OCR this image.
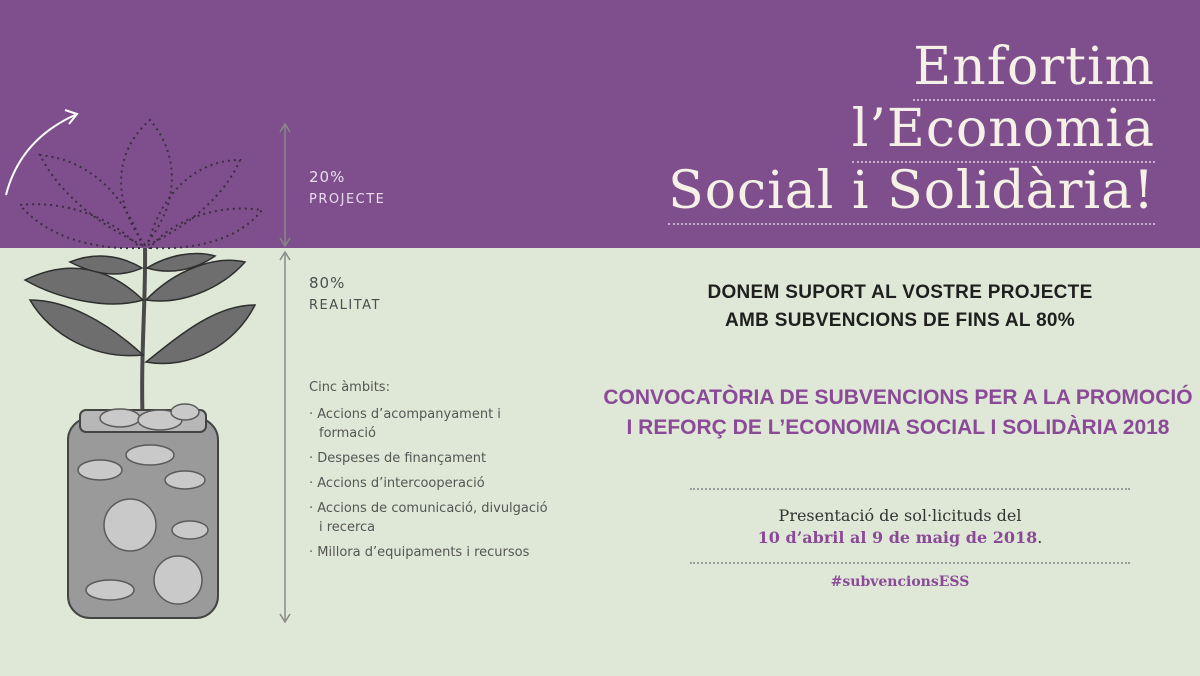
Enfortim
l’Economia
Social i Solidària!
20%
PROJECTE
80%
REALITAT
Cinc àmbits:
· Accions d’acompanyament i formació
· Despeses de finançament
· Accions d’intercooperació
· Accions de comunicació, divulgació i recerca
· Millora d’equipaments i recursos
DONEM SUPORT AL VOSTRE PROJECTE
AMB SUBVENCIONS DE FINS AL 80%
CONVOCATÒRIA DE SUBVENCIONS PER A LA PROMOCIÓ
I REFORÇ DE L’ECONOMIA SOCIAL I SOLIDÀRIA 2018
Presentació de sol·licituds del
10 d’abril al 9 de maig de 2018.
#subvencionsESS
